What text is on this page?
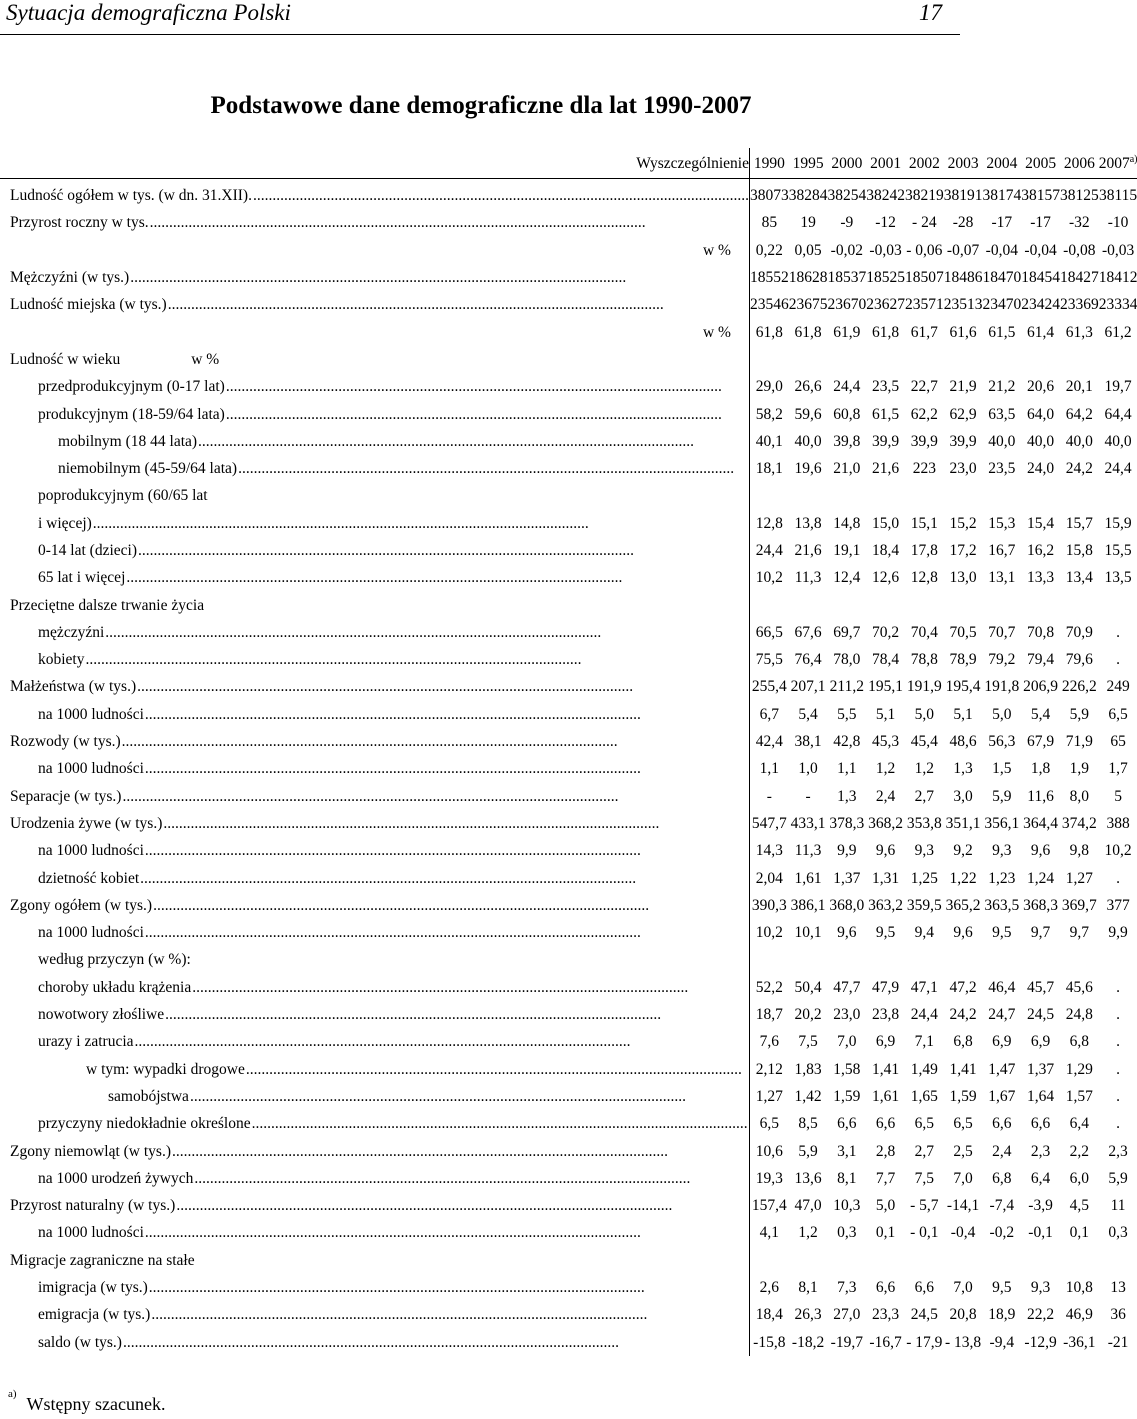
Sytuacja demograficzna Polski	17
Podstawowe dane demograficzne dla lat 1990-2007
Wyszczególnienie	1990	1995	2000	2001	2002	2003	2004	2005	2006	2007$^{a)}$

Ludność ogółem w tys. (w dn. 31.XII). .....	38073	38284	38254	38242	38219	38191	38174	38157	38125	38115

Przyrost roczny w tys. .....	85	19	-9	-12	- 24	-28	-17	-17	-32	-10

w %	0,22	0,05	-0,02	-0,03	- 0,06	-0,07	-0,04	-0,04	-0,08	-0,03

Mężczyźni (w tys.) .....	18552	18628	18537	18525	18507	18486	18470	18454	18427	18412

Ludność miejska (w tys.) .....	23546	23675	23670	23627	23571	23513	23470	23424	23369	23334

w %	61,8	61,8	61,9	61,8	61,7	61,6	61,5	61,4	61,3	61,2

Ludność w wieku w %										

przedprodukcyjnym (0-17 lat) .....	29,0	26,6	24,4	23,5	22,7	21,9	21,2	20,6	20,1	19,7

produkcyjnym (18-59/64 lata) .....	58,2	59,6	60,8	61,5	62,2	62,9	63,5	64,0	64,2	64,4

mobilnym (18 44 lata) .....	40,1	40,0	39,8	39,9	39,9	39,9	40,0	40,0	40,0	40,0

niemobilnym (45-59/64 lata) .....	18,1	19,6	21,0	21,6	223	23,0	23,5	24,0	24,2	24,4

poprodukcyjnym (60/65 lat										

i więcej) .....	12,8	13,8	14,8	15,0	15,1	15,2	15,3	15,4	15,7	15,9

0-14 lat (dzieci) .....	24,4	21,6	19,1	18,4	17,8	17,2	16,7	16,2	15,8	15,5

65 lat i więcej .....	10,2	11,3	12,4	12,6	12,8	13,0	13,1	13,3	13,4	13,5

Przeciętne dalsze trwanie życia										

mężczyźni .....	66,5	67,6	69,7	70,2	70,4	70,5	70,7	70,8	70,9	.

kobiety .....	75,5	76,4	78,0	78,4	78,8	78,9	79,2	79,4	79,6	.

Małżeństwa (w tys.) .....	255,4	207,1	211,2	195,1	191,9	195,4	191,8	206,9	226,2	249

na 1000 ludności .....	6,7	5,4	5,5	5,1	5,0	5,1	5,0	5,4	5,9	6,5

Rozwody (w tys.) .....	42,4	38,1	42,8	45,3	45,4	48,6	56,3	67,9	71,9	65

na 1000 ludności .....	1,1	1,0	1,1	1,2	1,2	1,3	1,5	1,8	1,9	1,7

Separacje (w tys.) .....	-	-	1,3	2,4	2,7	3,0	5,9	11,6	8,0	5

Urodzenia żywe (w tys.) .....	547,7	433,1	378,3	368,2	353,8	351,1	356,1	364,4	374,2	388

na 1000 ludności .....	14,3	11,3	9,9	9,6	9,3	9,2	9,3	9,6	9,8	10,2

dzietność kobiet .....	2,04	1,61	1,37	1,31	1,25	1,22	1,23	1,24	1,27	.

Zgony ogółem (w tys.) .....	390,3	386,1	368,0	363,2	359,5	365,2	363,5	368,3	369,7	377

na 1000 ludności .....	10,2	10,1	9,6	9,5	9,4	9,6	9,5	9,7	9,7	9,9

według przyczyn (w %):										

choroby układu krążenia .....	52,2	50,4	47,7	47,9	47,1	47,2	46,4	45,7	45,6	.

nowotwory złośliwe .....	18,7	20,2	23,0	23,8	24,4	24,2	24,7	24,5	24,8	.

urazy i zatrucia .....	7,6	7,5	7,0	6,9	7,1	6,8	6,9	6,9	6,8	.

w tym: wypadki drogowe .....	2,12	1,83	1,58	1,41	1,49	1,41	1,47	1,37	1,29	.

samobójstwa .....	1,27	1,42	1,59	1,61	1,65	1,59	1,67	1,64	1,57	.

przyczyny niedokładnie określone .....	6,5	8,5	6,6	6,6	6,5	6,5	6,6	6,6	6,4	.

Zgony niemowląt (w tys.) .....	10,6	5,9	3,1	2,8	2,7	2,5	2,4	2,3	2,2	2,3

na 1000 urodzeń żywych .....	19,3	13,6	8,1	7,7	7,5	7,0	6,8	6,4	6,0	5,9

Przyrost naturalny (w tys.) .....	157,4	47,0	10,3	5,0	- 5,7	-14,1	-7,4	-3,9	4,5	11

na 1000 ludności .....	4,1	1,2	0,3	0,1	- 0,1	-0,4	-0,2	-0,1	0,1	0,3

Migracje zagraniczne na stałe										

imigracja (w tys.) .....	2,6	8,1	7,3	6,6	6,6	7,0	9,5	9,3	10,8	13

emigracja (w tys.) .....	18,4	26,3	27,0	23,3	24,5	20,8	18,9	22,2	46,9	36

saldo (w tys.) .....	-15,8	-18,2	-19,7	-16,7	- 17,9	- 13,8	-9,4	-12,9	-36,1	-21
$^{a)}$ Wstępny szacunek.
